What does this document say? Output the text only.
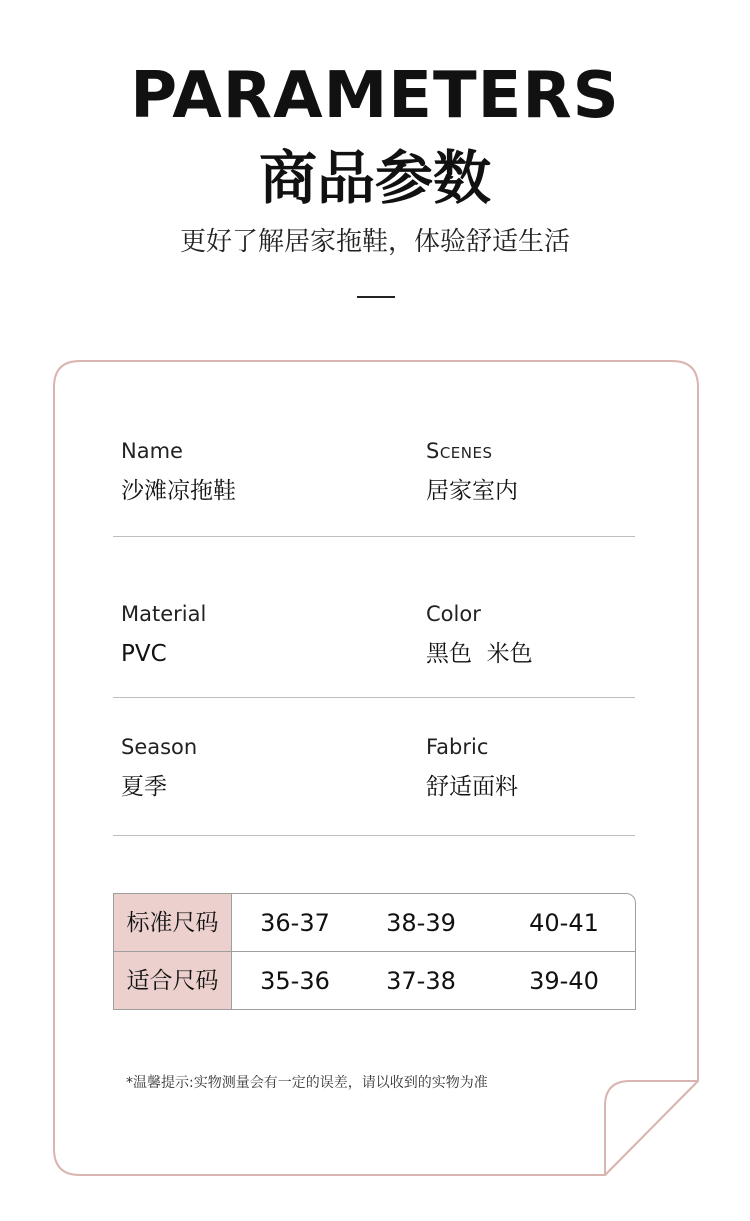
PARAMETERS
商品参数
更好了解居家拖鞋，体验舒适生活
Name
沙滩凉拖鞋
Scenes
居家室内
Material
PVC
Color
黑色  米色
Season
夏季
Fabric
舒适面料
标准尺码	36-37	38-39	40-41
适合尺码	35-36	37-38	39-40
*温馨提示:实物测量会有一定的误差，请以收到的实物为准
